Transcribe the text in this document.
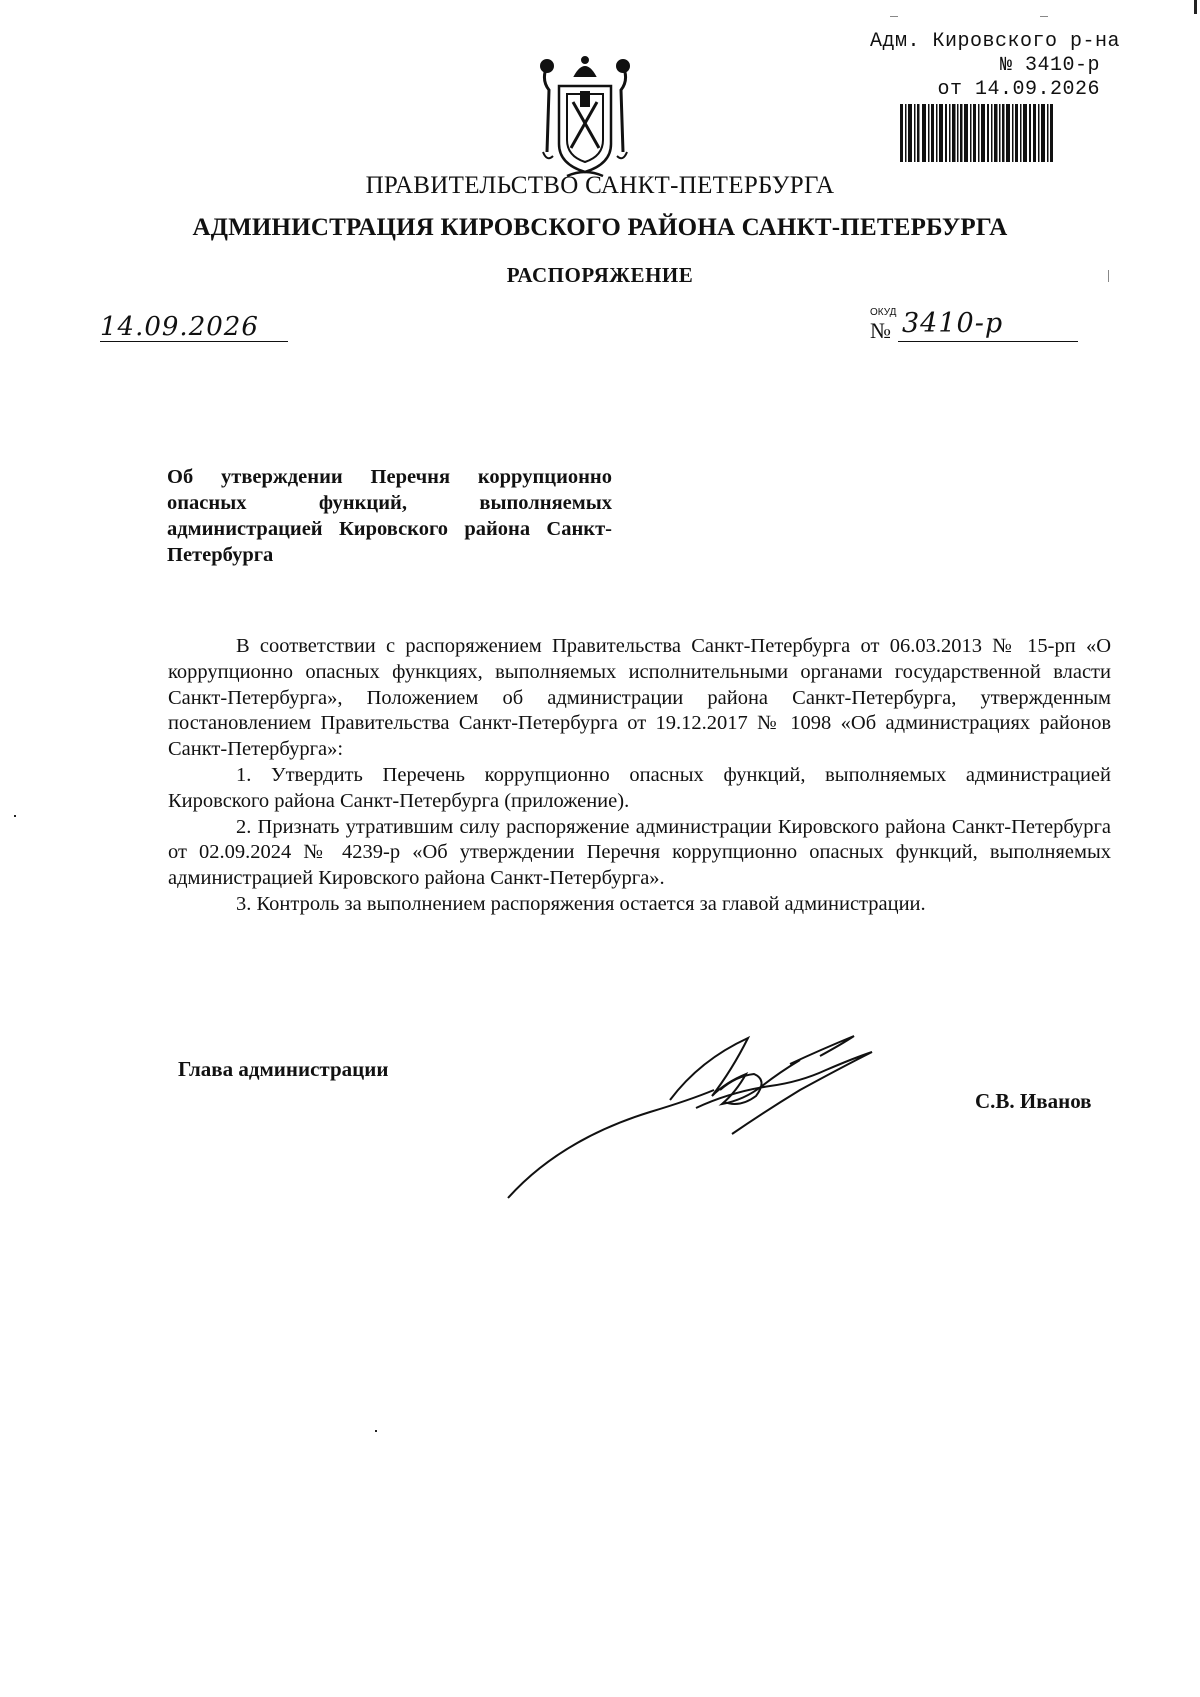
Адм. Кировского р-на
№ 3410-р
от 14.09.2026
ПРАВИТЕЛЬСТВО САНКТ-ПЕТЕРБУРГА
АДМИНИСТРАЦИЯ КИРОВСКОГО РАЙОНА САНКТ-ПЕТЕРБУРГА
РАСПОРЯЖЕНИЕ
14.09.2026	ОКУД
№ 3410-р
Об утверждении Перечня коррупционно опасных функций, выполняемых администрацией Кировского района Санкт-Петербурга

В соответствии с распоряжением Правительства Санкт-Петербурга от 06.03.2013 № 15-рп «О коррупционно опасных функциях, выполняемых исполнительными органами государственной власти Санкт-Петербурга», Положением об администрации района Санкт-Петербурга, утвержденным постановлением Правительства Санкт-Петербурга от 19.12.2017 № 1098 «Об администрациях районов Санкт-Петербурга»:

1. Утвердить Перечень коррупционно опасных функций, выполняемых администрацией Кировского района Санкт-Петербурга (приложение).

2. Признать утратившим силу распоряжение администрации Кировского района Санкт-Петербурга от 02.09.2024 № 4239-р «Об утверждении Перечня коррупционно опасных функций, выполняемых администрацией Кировского района Санкт-Петербурга».

3. Контроль за выполнением распоряжения остается за главой администрации.

Глава администрации
С.В. Иванов
